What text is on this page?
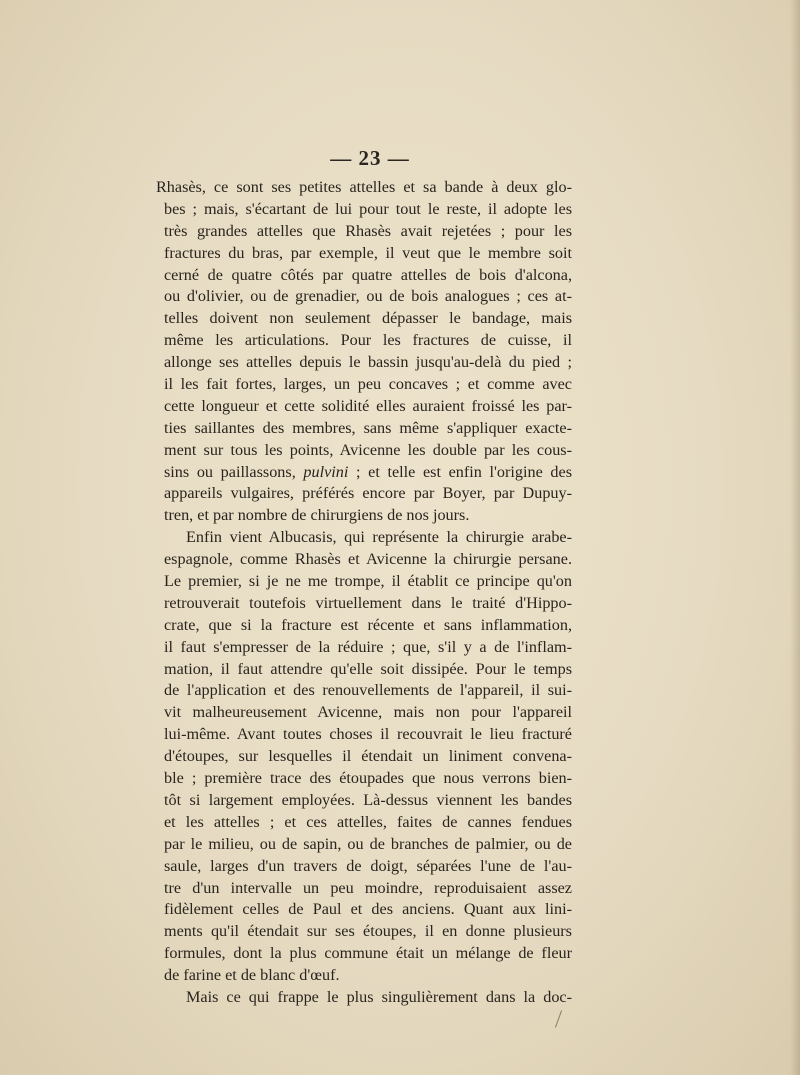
— 23 —
Rhasès, ce sont ses petites attelles et sa bande à deux glo-
bes ; mais, s'écartant de lui pour tout le reste, il adopte les
très grandes attelles que Rhasès avait rejetées ; pour les
fractures du bras, par exemple, il veut que le membre soit
cerné de quatre côtés par quatre attelles de bois d'alcona,
ou d'olivier, ou de grenadier, ou de bois analogues ; ces at-
telles doivent non seulement dépasser le bandage, mais
même les articulations. Pour les fractures de cuisse, il
allonge ses attelles depuis le bassin jusqu'au-delà du pied ;
il les fait fortes, larges, un peu concaves ; et comme avec
cette longueur et cette solidité elles auraient froissé les par-
ties saillantes des membres, sans même s'appliquer exacte-
ment sur tous les points, Avicenne les double par les cous-
sins ou paillassons, pulvini ; et telle est enfin l'origine des
appareils vulgaires, préférés encore par Boyer, par Dupuy-
tren, et par nombre de chirurgiens de nos jours.
Enfin vient Albucasis, qui représente la chirurgie arabe-
espagnole, comme Rhasès et Avicenne la chirurgie persane.
Le premier, si je ne me trompe, il établit ce principe qu'on
retrouverait toutefois virtuellement dans le traité d'Hippo-
crate, que si la fracture est récente et sans inflammation,
il faut s'empresser de la réduire ; que, s'il y a de l'inflam-
mation, il faut attendre qu'elle soit dissipée. Pour le temps
de l'application et des renouvellements de l'appareil, il sui-
vit malheureusement Avicenne, mais non pour l'appareil
lui-même. Avant toutes choses il recouvrait le lieu fracturé
d'étoupes, sur lesquelles il étendait un liniment convena-
ble ; première trace des étoupades que nous verrons bien-
tôt si largement employées. Là-dessus viennent les bandes
et les attelles ; et ces attelles, faites de cannes fendues
par le milieu, ou de sapin, ou de branches de palmier, ou de
saule, larges d'un travers de doigt, séparées l'une de l'au-
tre d'un intervalle un peu moindre, reproduisaient assez
fidèlement celles de Paul et des anciens. Quant aux lini-
ments qu'il étendait sur ses étoupes, il en donne plusieurs
formules, dont la plus commune était un mélange de fleur
de farine et de blanc d'œuf.
Mais ce qui frappe le plus singulièrement dans la doc-
